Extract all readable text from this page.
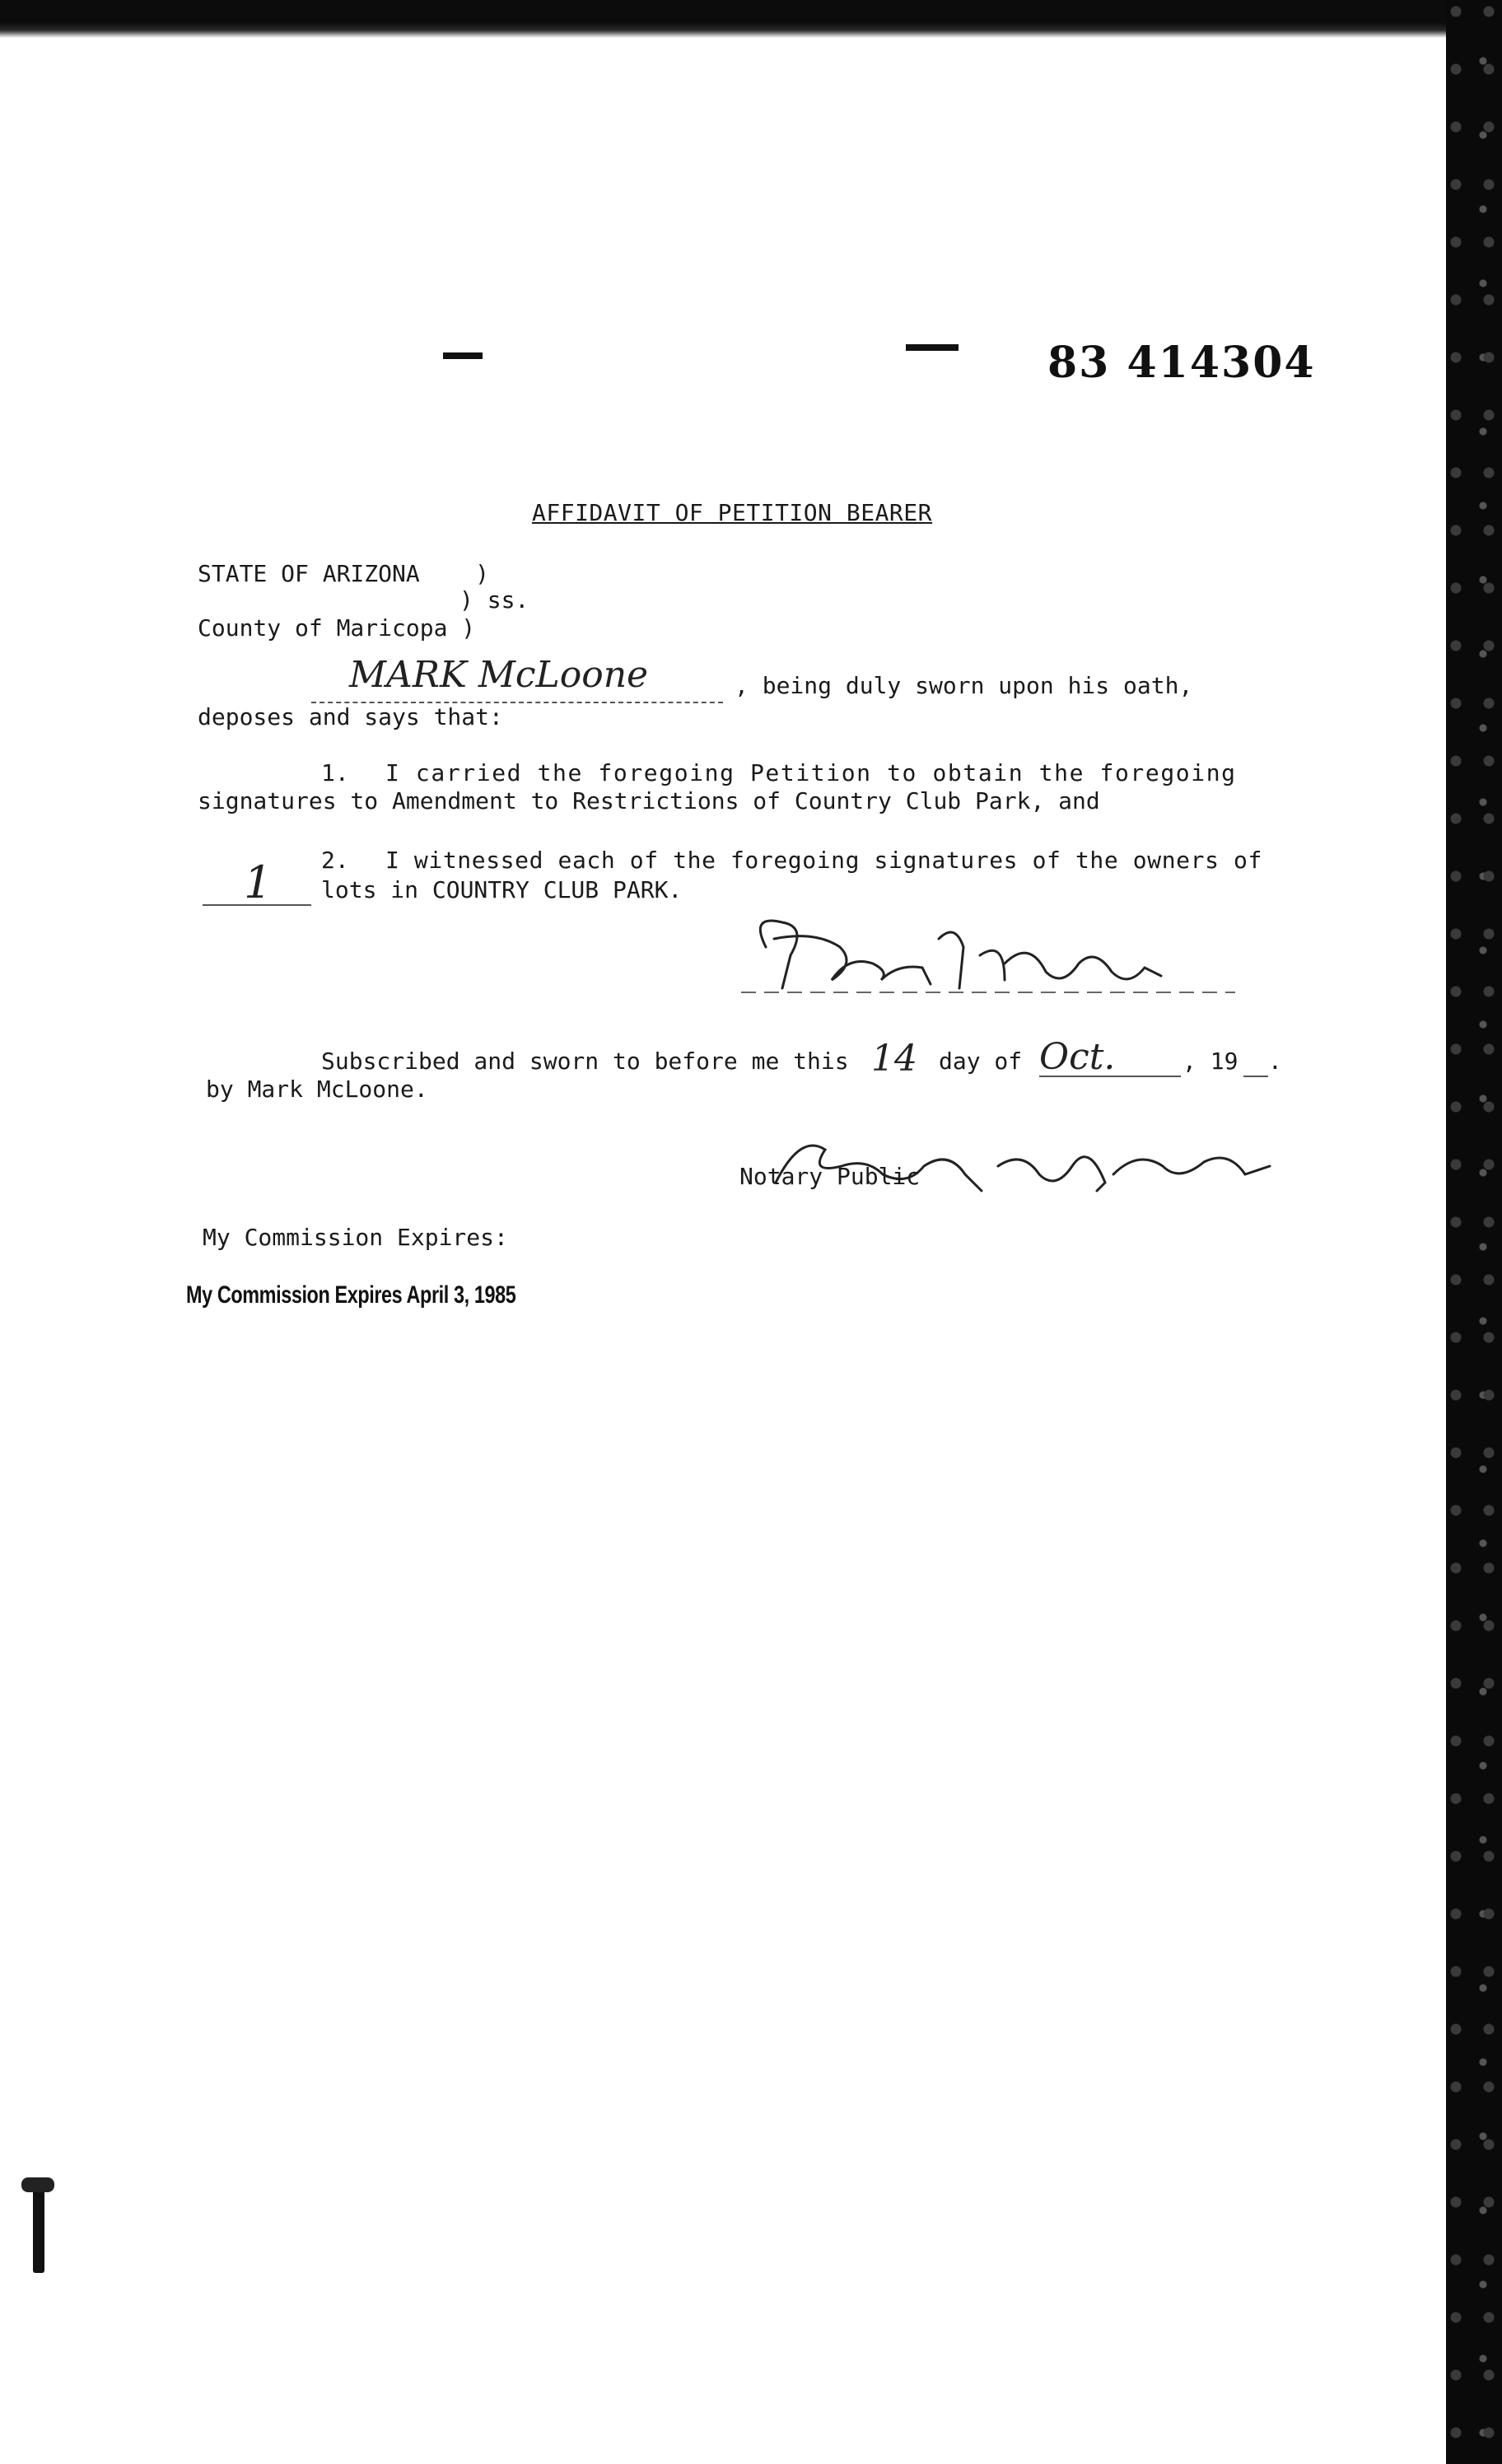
83 414304

AFFIDAVIT OF PETITION BEARER

STATE OF ARIZONA    )

) ss.

County of Maricopa )

MARK McLoone	, being duly sworn upon his oath,

deposes and says that:

1. I carried the foregoing Petition to obtain the foregoing

signatures to Amendment to Restrictions of Country Club Park, and

1 2. I witnessed each of the foregoing signatures of the owners of

lots in COUNTRY CLUB PARK.

Subscribed and sworn to before me this 14 day of Oct.	, 19 .

by Mark McLoone.

Notary Public

My Commission Expires:

My Commission Expires April 3, 1985
